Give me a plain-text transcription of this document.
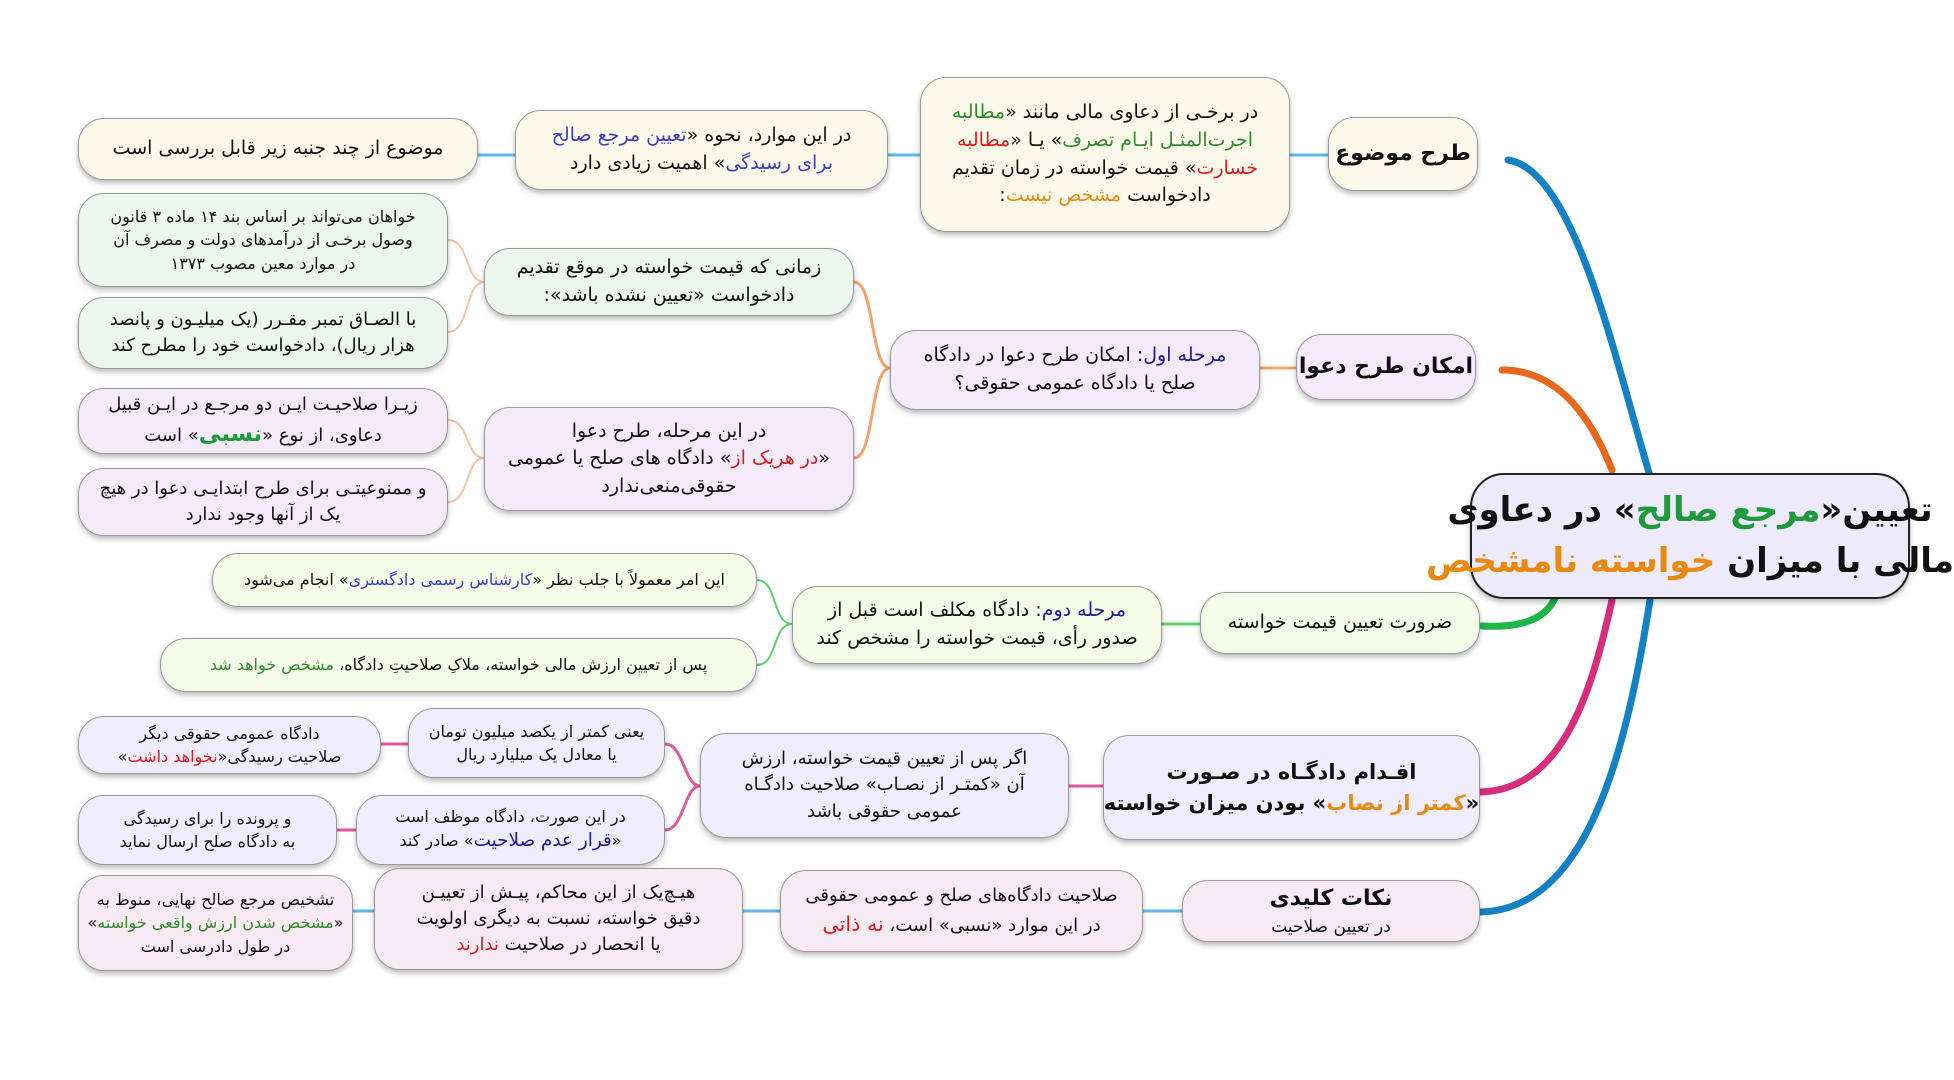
تعیین«مرجع صالح» در دعاوی
مالی با میزان خواسته نامشخص
طرح موضوع
در برخـی از دعاوی مالی مانند «مطالبه
اجرت‌المثـل ایـام تصرف» یـا «مطالبه
خسارت» قیمت خواسته در زمان تقدیم
دادخواست مشخص نیست:
در این موارد، نحوه «تعیین مرجع صالح
برای رسیدگی» اهمیت زیادی دارد
موضوع از چند جنبه زیر قابل بررسی است
امکان طرح دعوا
مرحله اول: امکان طرح دعوا در دادگاه
صلح یا دادگاه عمومی حقوقی؟
زمانی که قیمت خواسته در موقع تقدیم
دادخواست «تعیین نشده باشد»:
خواهان می‌تواند بر اساس بند ۱۴ ماده ۳ قانون
وصول برخـی از درآمدهای دولت و مصرف آن
در موارد معین مصوب ۱۳۷۳
با الصـاق تمبر مقـرر (یک میلیـون و پانصد
هزار ریال)، دادخواست خود را مطرح کند
در این مرحله، طرح دعوا
«در هریک از» دادگاه های صلح یا عمومی
حقوقی‌منعی‌ندارد
زیـرا صلاحیـت ایـن دو مرجـع در ایـن قبیل
دعاوی، از نوع «نسبی» است
و ممنوعیتـی برای طرح ابتدایـی دعوا در هیچ
یک از آنها وجود ندارد
ضرورت تعیین قیمت خواسته
مرحله دوم: دادگاه مکلف است قبل از
صدور رأی، قیمت خواسته را مشخص کند
این امر معمولاً با جلب نظر «کارشناس رسمی دادگستری» انجام می‌شود
پس از تعیین ارزش مالی خواسته، ملاکِ صلاحیتِ دادگاه، مشخص خواهد شد
اقـدام دادگـاه در صـورت
«کمتر از نصاب» بودن میزان خواسته
اگر پس از تعیین قیمت خواسته، ارزش
آن «کمتـر از نصـاب» صلاحیت دادگـاه
عمومی حقوقی باشد
یعنی کمتر از یکصد میلیون تومان
یا معادل یک میلیارد ریال
دادگاه عمومی حقوقی دیگر
صلاحیت رسیدگی«نخواهد داشت»
در این صورت، دادگاه موظف است
«قرار عدم صلاحیت» صادر کند
و پرونده را برای رسیدگی
به دادگاه صلح ارسال نماید
نکات کلیدی
در تعیین صلاحیت
صلاحیت دادگاه‌های صلح و عمومی حقوقی
در این موارد «نسبی» است، نه ذاتی
هیـچ‌یک از این محاکم، پیـش از تعییـن
دقیق خواسته، نسبت به دیگری اولویت
یا انحصار در صلاحیت ندارند
تشخیص مرجع صالح نهایی، منوط به
«مشخص شدن ارزش واقعی خواسته»
در طول دادرسی است
